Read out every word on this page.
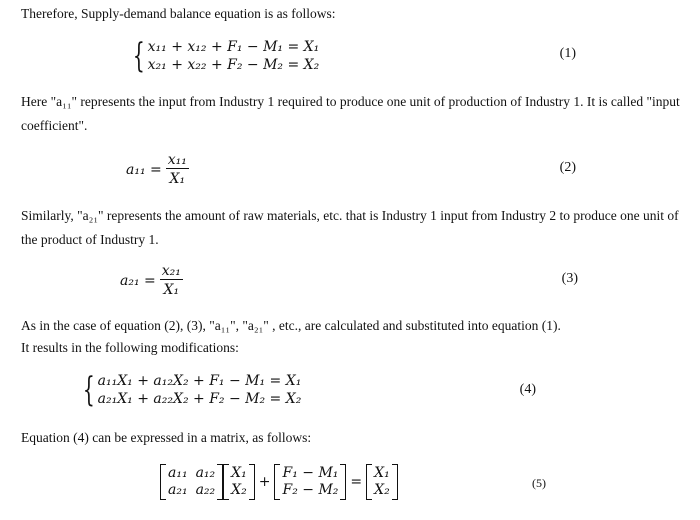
Therefore, Supply-demand balance equation is as follows:
{ x₁₁ + x₁₂ + F₁ − M₁ = X₁
x₂₁ + x₂₂ + F₂ − M₂ = X₂
(1)
Here "a₁₁" represents the input from Industry 1 required to produce one unit of production of Industry 1. It is called "input coefficient".
$a_{11} = \frac{\text{x₁₁}}{\text{X₁}}$	(2)
Similarly, "a₂₁" represents the amount of raw materials, etc. that is Industry 1 input from Industry 2 to produce one unit of the product of Industry 1.
$a_{21} = \frac{\text{x₂₁}}{\text{X₁}}$	(3)
As in the case of equation (2), (3), "a₁₁", "a₂₁" , etc., are calculated and substituted into equation (1).
It results in the following modifications:
{ a₁₁X₁ + a₁₂X₂ + F₁ − M₁ = X₁
a₂₁X₁ + a₂₂X₂ + F₂ − M₂ = X₂
(4)
Equation (4) can be expressed in a matrix, as follows:
a₁₁ a₁₂
a₂₁ a₂₂
X₁
X₂ +
F₁ − M₁
F₂ − M₂ =
X₁
X₂	(5)
